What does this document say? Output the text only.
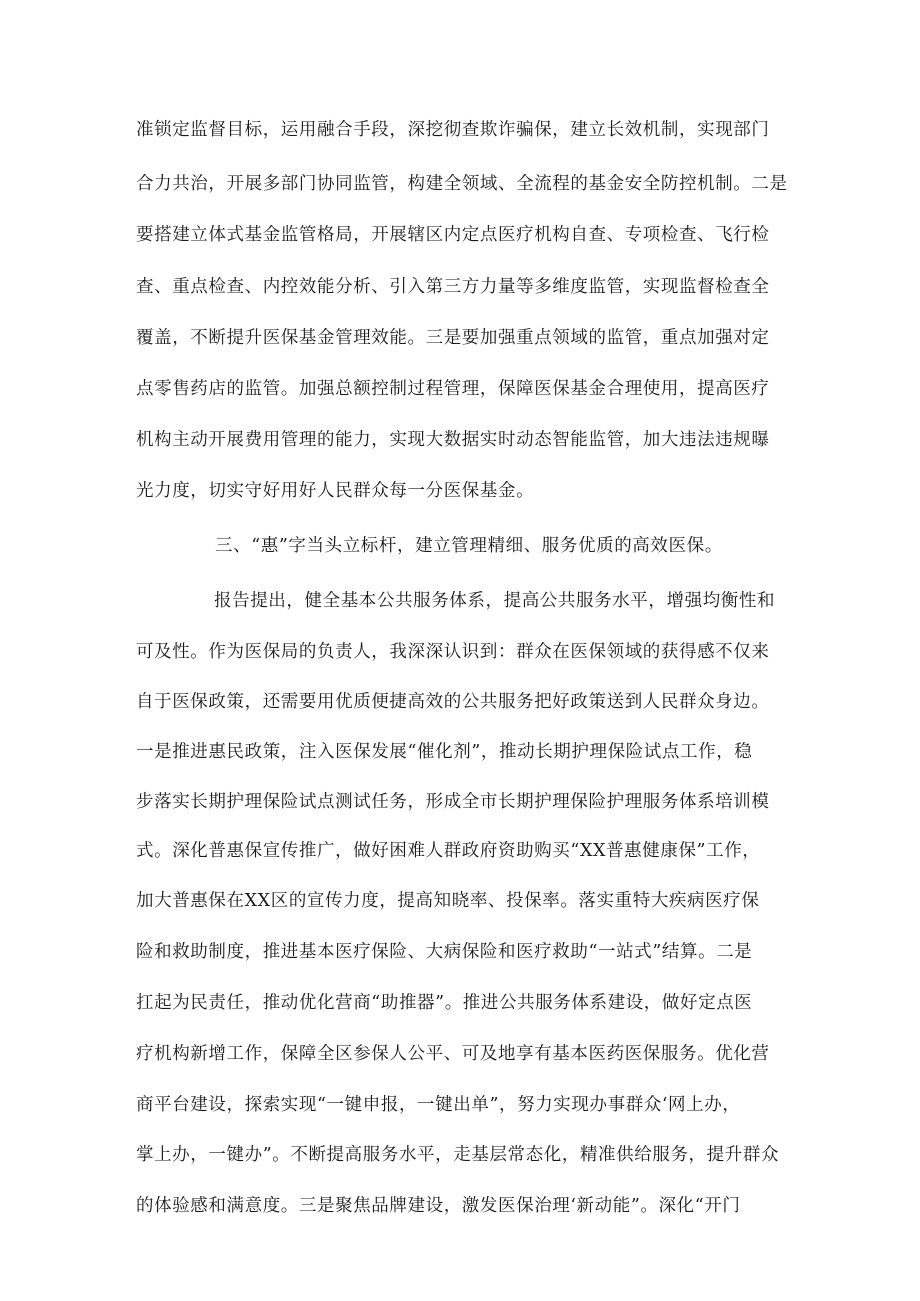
准锁定监督目标，运用融合手段，深挖彻查欺诈骗保，建立长效机制，实现部门
合力共治，开展多部门协同监管，构建全领域、全流程的基金安全防控机制。二是
要搭建立体式基金监管格局，开展辖区内定点医疗机构自查、专项检查、飞行检
查、重点检查、内控效能分析、引入第三方力量等多维度监管，实现监督检查全
覆盖，不断提升医保基金管理效能。三是要加强重点领域的监管，重点加强对定
点零售药店的监管。加强总额控制过程管理，保障医保基金合理使用，提高医疗
机构主动开展费用管理的能力，实现大数据实时动态智能监管，加大违法违规曝
光力度，切实守好用好人民群众每一分医保基金。
三、“惠”字当头立标杆，建立管理精细、服务优质的高效医保。
报告提出，健全基本公共服务体系，提高公共服务水平，增强均衡性和
可及性。作为医保局的负责人，我深深认识到：群众在医保领域的获得感不仅来
自于医保政策，还需要用优质便捷高效的公共服务把好政策送到人民群众身边。
一是推进惠民政策，注入医保发展“催化剂”，推动长期护理保险试点工作，稳
步落实长期护理保险试点测试任务，形成全市长期护理保险护理服务体系培训模
式。深化普惠保宣传推广，做好困难人群政府资助购买“XX普惠健康保”工作，
加大普惠保在XX区的宣传力度，提高知晓率、投保率。落实重特大疾病医疗保
险和救助制度，推进基本医疗保险、大病保险和医疗救助“一站式”结算。二是
扛起为民责任，推动优化营商“助推器”。推进公共服务体系建设，做好定点医
疗机构新增工作，保障全区参保人公平、可及地享有基本医药医保服务。优化营
商平台建设，探索实现“一键申报，一键出单”，努力实现办事群众‘网上办，
掌上办，一键办”。不断提高服务水平，走基层常态化，精准供给服务，提升群众
的体验感和满意度。三是聚焦品牌建设，激发医保治理‘新动能”。深化“开门
